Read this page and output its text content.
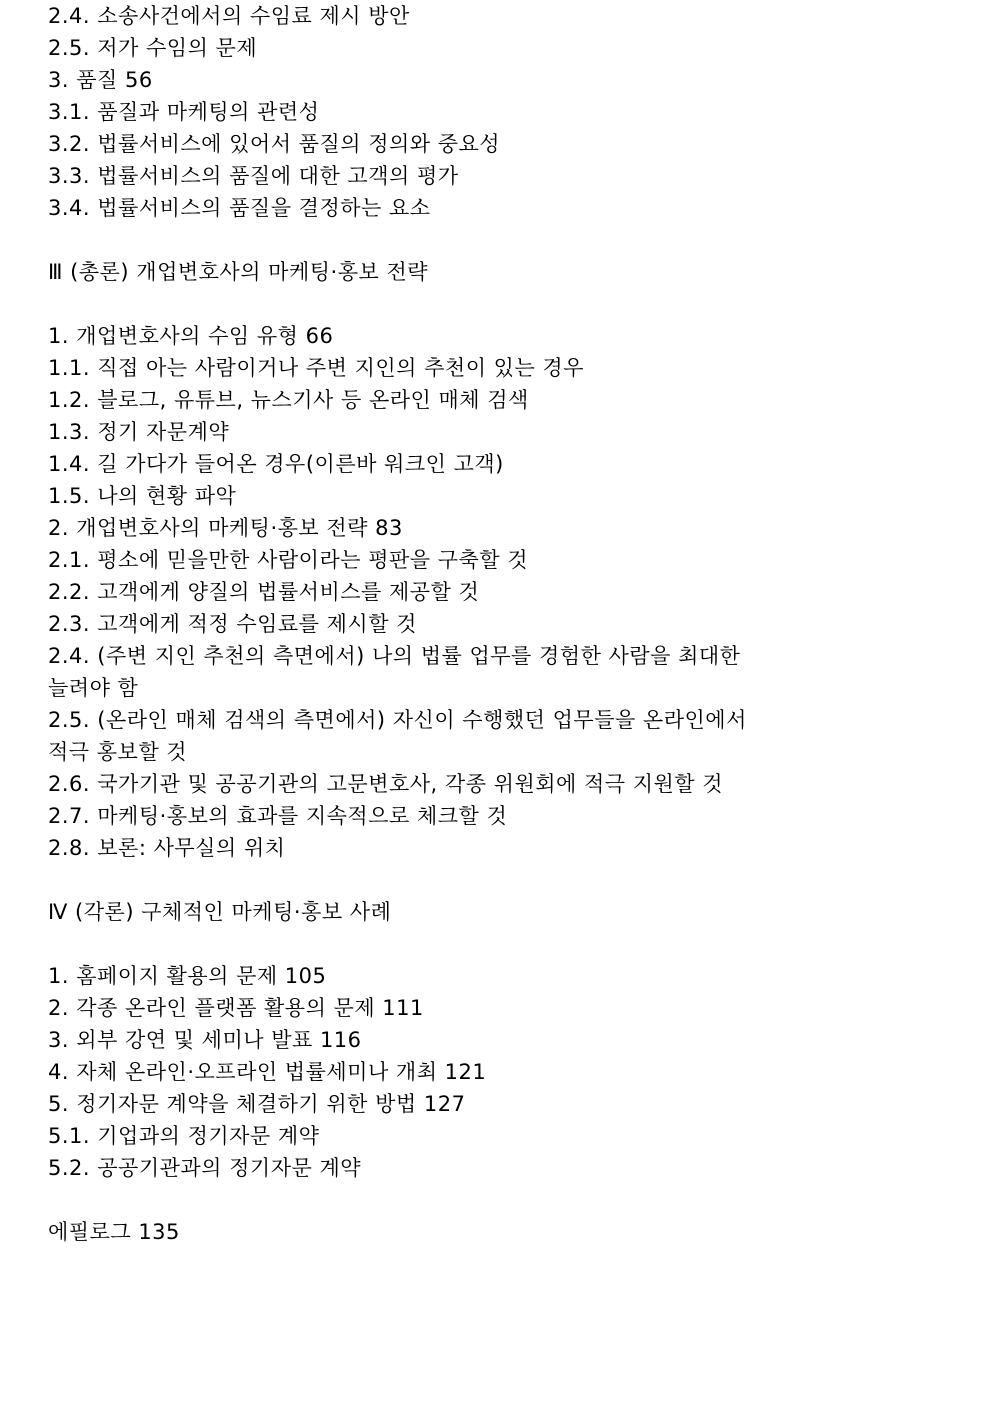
2.4. 소송사건에서의 수임료 제시 방안
2.5. 저가 수임의 문제
3. 품질 56
3.1. 품질과 마케팅의 관련성
3.2. 법률서비스에 있어서 품질의 정의와 중요성
3.3. 법률서비스의 품질에 대한 고객의 평가
3.4. 법률서비스의 품질을 결정하는 요소
Ⅲ (총론) 개업변호사의 마케팅·홍보 전략
1. 개업변호사의 수임 유형 66
1.1. 직접 아는 사람이거나 주변 지인의 추천이 있는 경우
1.2. 블로그, 유튜브, 뉴스기사 등 온라인 매체 검색
1.3. 정기 자문계약
1.4. 길 가다가 들어온 경우(이른바 워크인 고객)
1.5. 나의 현황 파악
2. 개업변호사의 마케팅·홍보 전략 83
2.1. 평소에 믿을만한 사람이라는 평판을 구축할 것
2.2. 고객에게 양질의 법률서비스를 제공할 것
2.3. 고객에게 적정 수임료를 제시할 것
2.4. (주변 지인 추천의 측면에서) 나의 법률 업무를 경험한 사람을 최대한
늘려야 함
2.5. (온라인 매체 검색의 측면에서) 자신이 수행했던 업무들을 온라인에서
적극 홍보할 것
2.6. 국가기관 및 공공기관의 고문변호사, 각종 위원회에 적극 지원할 것
2.7. 마케팅·홍보의 효과를 지속적으로 체크할 것
2.8. 보론: 사무실의 위치
Ⅳ (각론) 구체적인 마케팅·홍보 사례
1. 홈페이지 활용의 문제 105
2. 각종 온라인 플랫폼 활용의 문제 111
3. 외부 강연 및 세미나 발표 116
4. 자체 온라인·오프라인 법률세미나 개최 121
5. 정기자문 계약을 체결하기 위한 방법 127
5.1. 기업과의 정기자문 계약
5.2. 공공기관과의 정기자문 계약
에필로그 135
